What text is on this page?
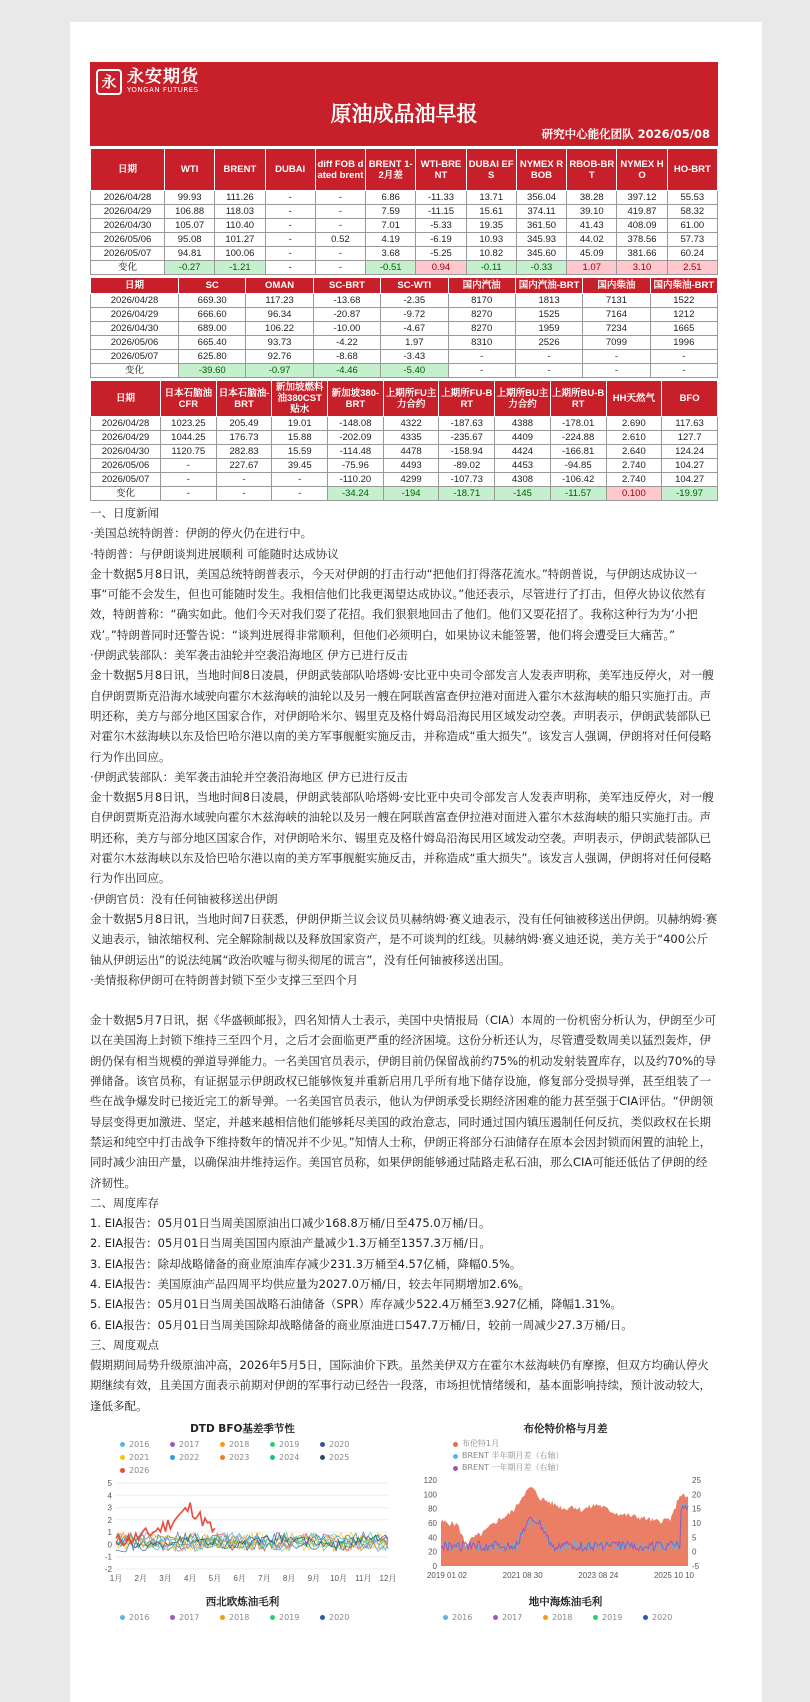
永 永安期货
YONGAN FUTURES
原油成品油早报
研究中心能化团队 2026/05/08
日期	WTI	BRENT	DUBAI	diff FOB dated brent	BRENT 1-2月差	WTI-BRENT	DUBAI EFS	NYMEX RBOB	RBOB-BRT	NYMEX HO	HO-BRT
2026/04/28	99.93	111.26	-	-	6.86	-11.33	13.71	356.04	38.28	397.12	55.53
2026/04/29	106.88	118.03	-	-	7.59	-11.15	15.61	374.11	39.10	419.87	58.32
2026/04/30	105.07	110.40	-	-	7.01	-5.33	19.35	361.50	41.43	408.09	61.00
2026/05/06	95.08	101.27	-	0.52	4.19	-6.19	10.93	345.93	44.02	378.56	57.73
2026/05/07	94.81	100.06	-	-	3.68	-5.25	10.82	345.60	45.09	381.66	60.24
变化	-0.27	-1.21	-	-	-0.51	0.94	-0.11	-0.33	1.07	3.10	2.51
日期	SC	OMAN	SC-BRT	SC-WTI	国内汽油	国内汽油-BRT	国内柴油	国内柴油-BRT
2026/04/28	669.30	117.23	-13.68	-2.35	8170	1813	7131	1522
2026/04/29	666.60	96.34	-20.87	-9.72	8270	1525	7164	1212
2026/04/30	689.00	106.22	-10.00	-4.67	8270	1959	7234	1665
2026/05/06	665.40	93.73	-4.22	1.97	8310	2526	7099	1996
2026/05/07	625.80	92.76	-8.68	-3.43	-	-	-	-
变化	-39.60	-0.97	-4.46	-5.40	-	-	-	-
日期	日本石脑油CFR	日本石脑油-BRT	新加坡燃料油380CST贴水	新加坡380-BRT	上期所FU主力合约	上期所FU-BRT	上期所BU主力合约	上期所BU-BRT	HH天然气	BFO
2026/04/28	1023.25	205.49	19.01	-148.08	4322	-187.63	4388	-178.01	2.690	117.63
2026/04/29	1044.25	176.73	15.88	-202.09	4335	-235.67	4409	-224.88	2.610	127.7
2026/04/30	1120.75	282.83	15.59	-114.48	4478	-158.94	4424	-166.81	2.640	124.24
2026/05/06	-	227.67	39.45	-75.96	4493	-89.02	4453	-94.85	2.740	104.27
2026/05/07	-	-	-	-110.20	4299	-107.73	4308	-106.42	2.740	104.27
变化	-	-	-	-34.24	-194	-18.71	-145	-11.57	0.100	-19.97

一、日度新闻

·美国总统特朗普：伊朗的停火仍在进行中。

·特朗普：与伊朗谈判进展顺利 可能随时达成协议

金十数据5月8日讯，美国总统特朗普表示，今天对伊朗的打击行动“把他们打得落花流水。”特朗普说，与伊朗达成协议一事“可能不会发生，但也可能随时发生。我相信他们比我更渴望达成协议。”他还表示，尽管进行了打击，但停火协议依然有效，特朗普称：“确实如此。他们今天对我们耍了花招。我们狠狠地回击了他们。他们又耍花招了。我称这种行为为‘小把戏’。”特朗普同时还警告说：“谈判进展得非常顺利，但他们必须明白，如果协议未能签署，他们将会遭受巨大痛苦。”

·伊朗武装部队：美军袭击油轮并空袭沿海地区 伊方已进行反击

金十数据5月8日讯，当地时间8日凌晨，伊朗武装部队哈塔姆·安比亚中央司令部发言人发表声明称，美军违反停火，对一艘自伊朗贾斯克沿海水域驶向霍尔木兹海峡的油轮以及另一艘在阿联酋富查伊拉港对面进入霍尔木兹海峡的船只实施打击。声明还称，美方与部分地区国家合作，对伊朗哈米尔、锡里克及格什姆岛沿海民用区域发动空袭。声明表示，伊朗武装部队已对霍尔木兹海峡以东及恰巴哈尔港以南的美方军事舰艇实施反击，并称造成“重大损失”。该发言人强调，伊朗将对任何侵略行为作出回应。

·伊朗武装部队：美军袭击油轮并空袭沿海地区 伊方已进行反击

金十数据5月8日讯，当地时间8日凌晨，伊朗武装部队哈塔姆·安比亚中央司令部发言人发表声明称，美军违反停火，对一艘自伊朗贾斯克沿海水域驶向霍尔木兹海峡的油轮以及另一艘在阿联酋富查伊拉港对面进入霍尔木兹海峡的船只实施打击。声明还称，美方与部分地区国家合作，对伊朗哈米尔、锡里克及格什姆岛沿海民用区域发动空袭。声明表示，伊朗武装部队已对霍尔木兹海峡以东及恰巴哈尔港以南的美方军事舰艇实施反击，并称造成“重大损失”。该发言人强调，伊朗将对任何侵略行为作出回应。

·伊朗官员：没有任何铀被移送出伊朗

金十数据5月8日讯，当地时间7日获悉，伊朗伊斯兰议会议员贝赫纳姆·赛义迪表示，没有任何铀被移送出伊朗。贝赫纳姆·赛义迪表示，铀浓缩权利、完全解除制裁以及释放国家资产，是不可谈判的红线。贝赫纳姆·赛义迪还说，美方关于“400公斤铀从伊朗运出”的说法纯属“政治吹嘘与彻头彻尾的谎言”，没有任何铀被移送出国。

·美情报称伊朗可在特朗普封锁下至少支撑三至四个月

金十数据5月7日讯，据《华盛顿邮报》，四名知情人士表示，美国中央情报局（CIA）本周的一份机密分析认为，伊朗至少可以在美国海上封锁下维持三至四个月，之后才会面临更严重的经济困境。这份分析还认为，尽管遭受数周美以猛烈轰炸，伊朗仍保有相当规模的弹道导弹能力。一名美国官员表示，伊朗目前仍保留战前约75%的机动发射装置库存，以及约70%的导弹储备。该官员称，有证据显示伊朗政权已能够恢复并重新启用几乎所有地下储存设施，修复部分受损导弹，甚至组装了一些在战争爆发时已接近完工的新导弹。一名美国官员表示，他认为伊朗承受长期经济困难的能力甚至强于CIA评估。“伊朗领导层变得更加激进、坚定，并越来越相信他们能够耗尽美国的政治意志，同时通过国内镇压遏制任何反抗，类似政权在长期禁运和纯空中打击战争下维持数年的情况并不少见。”知情人士称，伊朗正将部分石油储存在原本会因封锁而闲置的油轮上，同时减少油田产量，以确保油井维持运作。美国官员称，如果伊朗能够通过陆路走私石油，那么CIA可能还低估了伊朗的经济韧性。

二、周度库存

1. EIA报告：05月01日当周美国原油出口减少168.8万桶/日至475.0万桶/日。

2. EIA报告：05月01日当周美国国内原油产量减少1.3万桶至1357.3万桶/日。

3. EIA报告：除却战略储备的商业原油库存减少231.3万桶至4.57亿桶，降幅0.5%。

4. EIA报告：美国原油产品四周平均供应量为2027.0万桶/日，较去年同期增加2.6%。

5. EIA报告：05月01日当周美国战略石油储备（SPR）库存减少522.4万桶至3.927亿桶，降幅1.31%。

6. EIA报告：05月01日当周美国除却战略储备的商业原油进口547.7万桶/日，较前一周减少27.3万桶/日。

三、周度观点

假期期间局势升级原油冲高，2026年5月5日，国际油价下跌。虽然美伊双方在霍尔木兹海峡仍有摩擦，但双方均确认停火期继续有效，且美国方面表示前期对伊朗的军事行动已经告一段落，市场担忧情绪缓和，基本面影响持续，预计波动较大，逢低多配。

DTD BFO基差季节性
2016	2017	2018	2019	2020
2021	2022	2023	2024	2025
2026
5
4
3
2
1
0
-1
-2
1月 2月 3月 4月 5月 6月 7月 8月 9月 10月 11月 12月
布伦特价格与月差
布伦特1月
BRENT 半年期月差（右轴）
BRENT 一年期月差（右轴）
120
100
80
60
40
20
0
25
20
15
10
5
0
-5
2019 01 02	2021 08 30	2023 08 24	2025 10 10
西北欧炼油毛利
2016	2017	2018	2019	2020
地中海炼油毛利
2016	2017	2018	2019	2020
